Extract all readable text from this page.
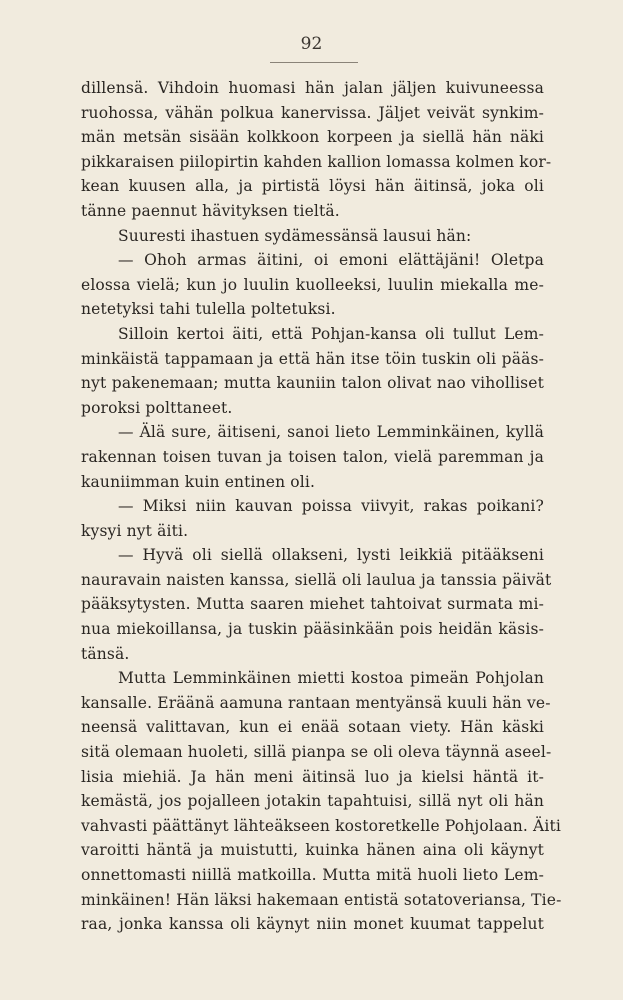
92
dillensä. Vihdoin huomasi hän jalan jäljen kuivuneessa
ruohossa, vähän polkua kanervissa. Jäljet veivät synkim-
män metsän sisään kolkkoon korpeen ja siellä hän näki
pikkaraisen piilopirtin kahden kallion lomassa kolmen kor-
kean kuusen alla, ja pirtistä löysi hän äitinsä, joka oli
tänne paennut hävityksen tieltä.
Suuresti ihastuen sydämessänsä lausui hän:
— Ohoh armas äitini, oi emoni elättäjäni! Oletpa
elossa vielä; kun jo luulin kuolleeksi, luulin miekalla me-
netetyksi tahi tulella poltetuksi.
Silloin kertoi äiti, että Pohjan-kansa oli tullut Lem-
minkäistä tappamaan ja että hän itse töin tuskin oli pääs-
nyt pakenemaan; mutta kauniin talon olivat nao viholliset
poroksi polttaneet.
— Älä sure, äitiseni, sanoi lieto Lemminkäinen, kyllä
rakennan toisen tuvan ja toisen talon, vielä paremman ja
kauniimman kuin entinen oli.
— Miksi niin kauvan poissa viivyit, rakas poikani?
kysyi nyt äiti.
— Hyvä oli siellä ollakseni, lysti leikkiä pitääkseni
nauravain naisten kanssa, siellä oli laulua ja tanssia päivät
pääksytysten. Mutta saaren miehet tahtoivat surmata mi-
nua miekoillansa, ja tuskin pääsinkään pois heidän käsis-
tänsä.
Mutta Lemminkäinen mietti kostoa pimeän Pohjolan
kansalle. Eräänä aamuna rantaan mentyänsä kuuli hän ve-
neensä valittavan, kun ei enää sotaan viety. Hän käski
sitä olemaan huoleti, sillä pianpa se oli oleva täynnä aseel-
lisia miehiä. Ja hän meni äitinsä luo ja kielsi häntä it-
kemästä, jos pojalleen jotakin tapahtuisi, sillä nyt oli hän
vahvasti päättänyt lähteäkseen kostoretkelle Pohjolaan. Äiti
varoitti häntä ja muistutti, kuinka hänen aina oli käynyt
onnettomasti niillä matkoilla. Mutta mitä huoli lieto Lem-
minkäinen! Hän läksi hakemaan entistä sotatoveriansa, Tie-
raa, jonka kanssa oli käynyt niin monet kuumat tappelut
